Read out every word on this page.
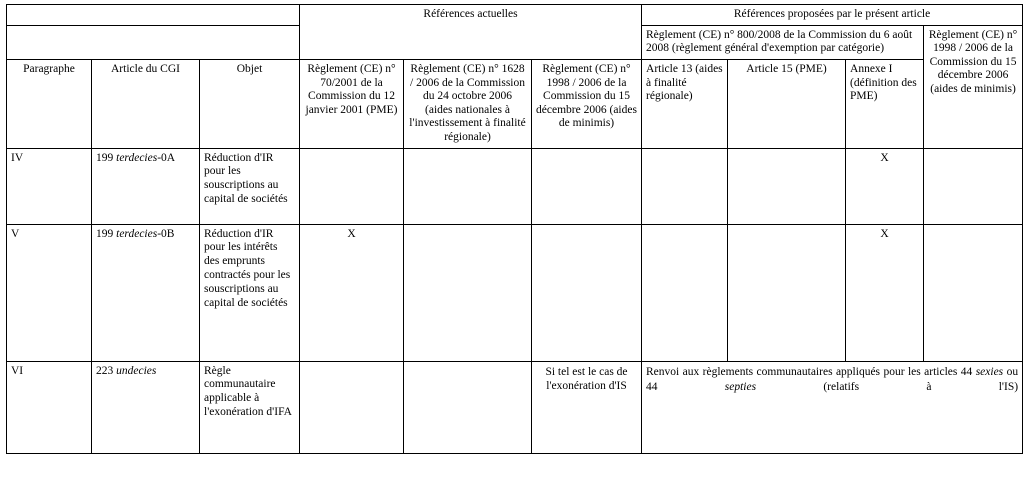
			Références actuelles			Références proposées par le présent article			
						Règlement (CE) n° 800/2008 de la Commission du 6 août 2008 (règlement général d'exemption par catégorie)			Règlement (CE) n° 1998 / 2006 de la Commission du 15 décembre 2006 (aides de minimis)
Paragraphe	Article du CGI	Objet	Règlement (CE) n° 70/2001 de la Commission du 12 janvier 2001 (PME)	Règlement (CE) n° 1628 / 2006 de la Commission du 24 octobre 2006 (aides nationales à l'investissement à finalité régionale)	Règlement (CE) n° 1998 / 2006 de la Commission du 15 décembre 2006 (aides de minimis)	Article 13 (aides à finalité régionale)	Article 15 (PME)	Annexe I (définition des PME)	
IV	199 terdecies-0A	Réduction d'IR pour les souscriptions au capital de sociétés						X	
V	199 terdecies-0B	Réduction d'IR pour les intérêts des emprunts contractés pour les souscriptions au capital de sociétés	X					X	
VI	223 undecies	Règle communautaire applicable à l'exonération d'IFA			Si tel est le cas de l'exonération d'IS	Renvoi aux règlements communautaires appliqués pour les articles 44 sexies ou 44 septies (relatifs à l'IS)			
